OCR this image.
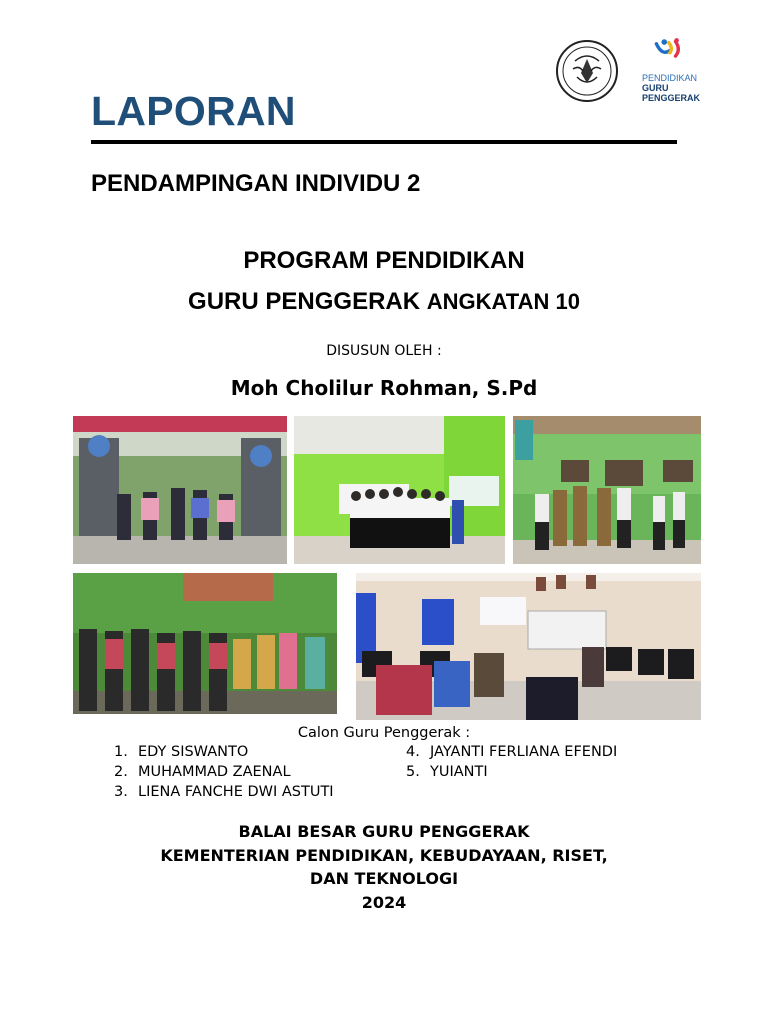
PENDIDIKAN
GURU
PENGGERAK
LAPORAN
PENDAMPINGAN INDIVIDU 2
PROGRAM PENDIDIKAN
GURU PENGGERAK ANGKATAN 10
DISUSUN OLEH :
Moh Cholilur Rohman, S.Pd
Calon Guru Penggerak :
1. EDY SISWANTO
2. MUHAMMAD ZAENAL
3. LIENA FANCHE DWI ASTUTI
4. JAYANTI FERLIANA EFENDI
5. YUIANTI
BALAI BESAR GURU PENGGERAK
KEMENTERIAN PENDIDIKAN, KEBUDAYAAN, RISET,
DAN TEKNOLOGI
2024
